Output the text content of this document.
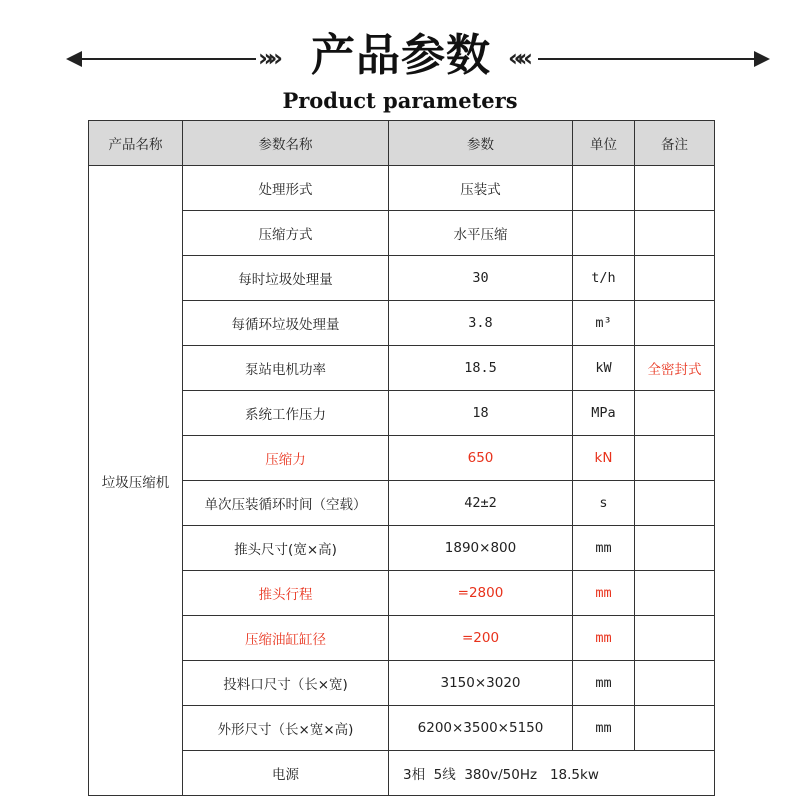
»» 产品参数 ««
Product parameters
产品名称	参数名称	参数	单位	备注
垃圾压缩机	处理形式	压装式		
	压缩方式	水平压缩		
	每时垃圾处理量	30	t/h	
	每循环垃圾处理量	3.8	m³	
	泵站电机功率	18.5	kW	全密封式
	系统工作压力	18	MPa	
	压缩力	650	kN	
	单次压装循环时间（空载）	42±2	s	
	推头尺寸(宽×高)	1890×800	mm	
	推头行程	=2800	mm	
	压缩油缸缸径	=200	mm	
	投料口尺寸（长×宽)	3150×3020	mm	
	外形尺寸（长×宽×高)	6200×3500×5150	mm	
	电源	3相  5线  380v/50Hz   18.5kw		
